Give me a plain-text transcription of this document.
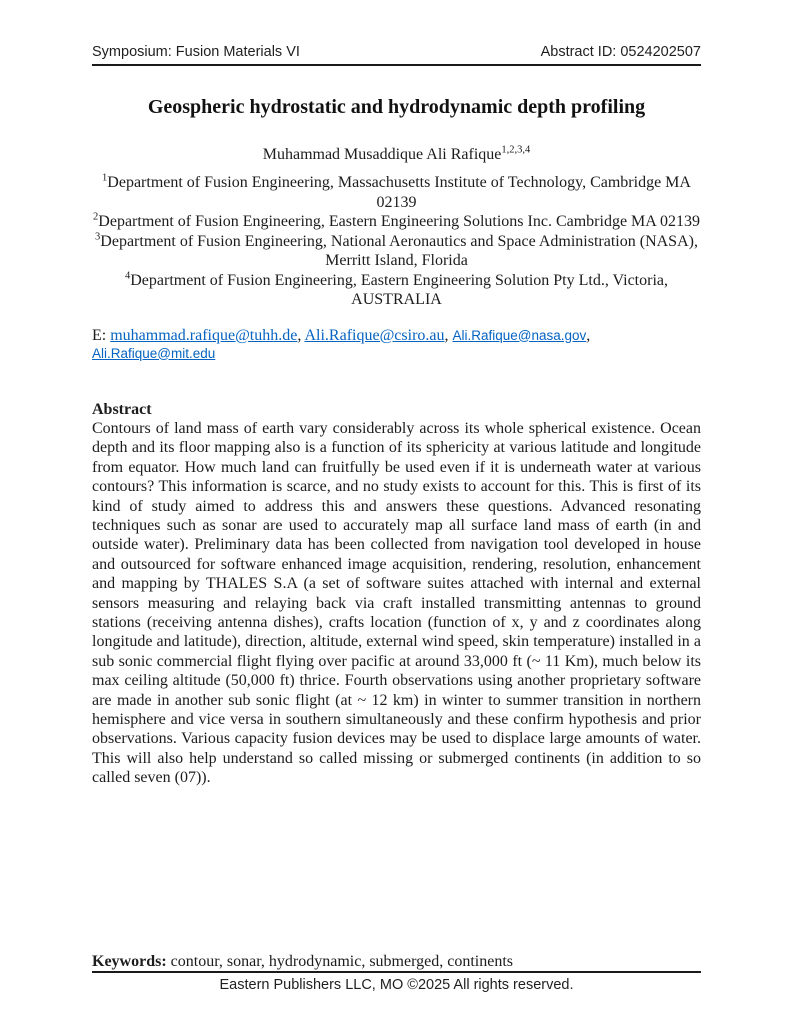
Symposium: Fusion Materials VI	Abstract ID: 0524202507
Geospheric hydrostatic and hydrodynamic depth profiling
Muhammad Musaddique Ali Rafique$^{1,2,3,4}$
$^1$Department of Fusion Engineering, Massachusetts Institute of Technology, Cambridge MA 02139
$^2$Department of Fusion Engineering, Eastern Engineering Solutions Inc. Cambridge MA 02139
$^3$Department of Fusion Engineering, National Aeronautics and Space Administration (NASA), Merritt Island, Florida
$^4$Department of Fusion Engineering, Eastern Engineering Solution Pty Ltd., Victoria, AUSTRALIA
E: muhammad.rafique@tuhh.de, Ali.Rafique@csiro.au, Ali.Rafique@nasa.gov, Ali.Rafique@mit.edu
Abstract

Contours of land mass of earth vary considerably across its whole spherical existence. Ocean depth and its floor mapping also is a function of its sphericity at various latitude and longitude from equator. How much land can fruitfully be used even if it is underneath water at various contours? This information is scarce, and no study exists to account for this. This is first of its kind of study aimed to address this and answers these questions. Advanced resonating techniques such as sonar are used to accurately map all surface land mass of earth (in and outside water). Preliminary data has been collected from navigation tool developed in house and outsourced for software enhanced image acquisition, rendering, resolution, enhancement and mapping by THALES S.A (a set of software suites attached with internal and external sensors measuring and relaying back via craft installed transmitting antennas to ground stations (receiving antenna dishes), crafts location (function of x, y and z coordinates along longitude and latitude), direction, altitude, external wind speed, skin temperature) installed in a sub sonic commercial flight flying over pacific at around 33,000 ft (~ 11 Km), much below its max ceiling altitude (50,000 ft) thrice. Fourth observations using another proprietary software are made in another sub sonic flight (at ~ 12 km) in winter to summer transition in northern hemisphere and vice versa in southern simultaneously and these confirm hypothesis and prior observations. Various capacity fusion devices may be used to displace large amounts of water. This will also help understand so called missing or submerged continents (in addition to so called seven (07)).

Keywords: contour, sonar, hydrodynamic, submerged, continents
Eastern Publishers LLC, MO ©2025 All rights reserved.
